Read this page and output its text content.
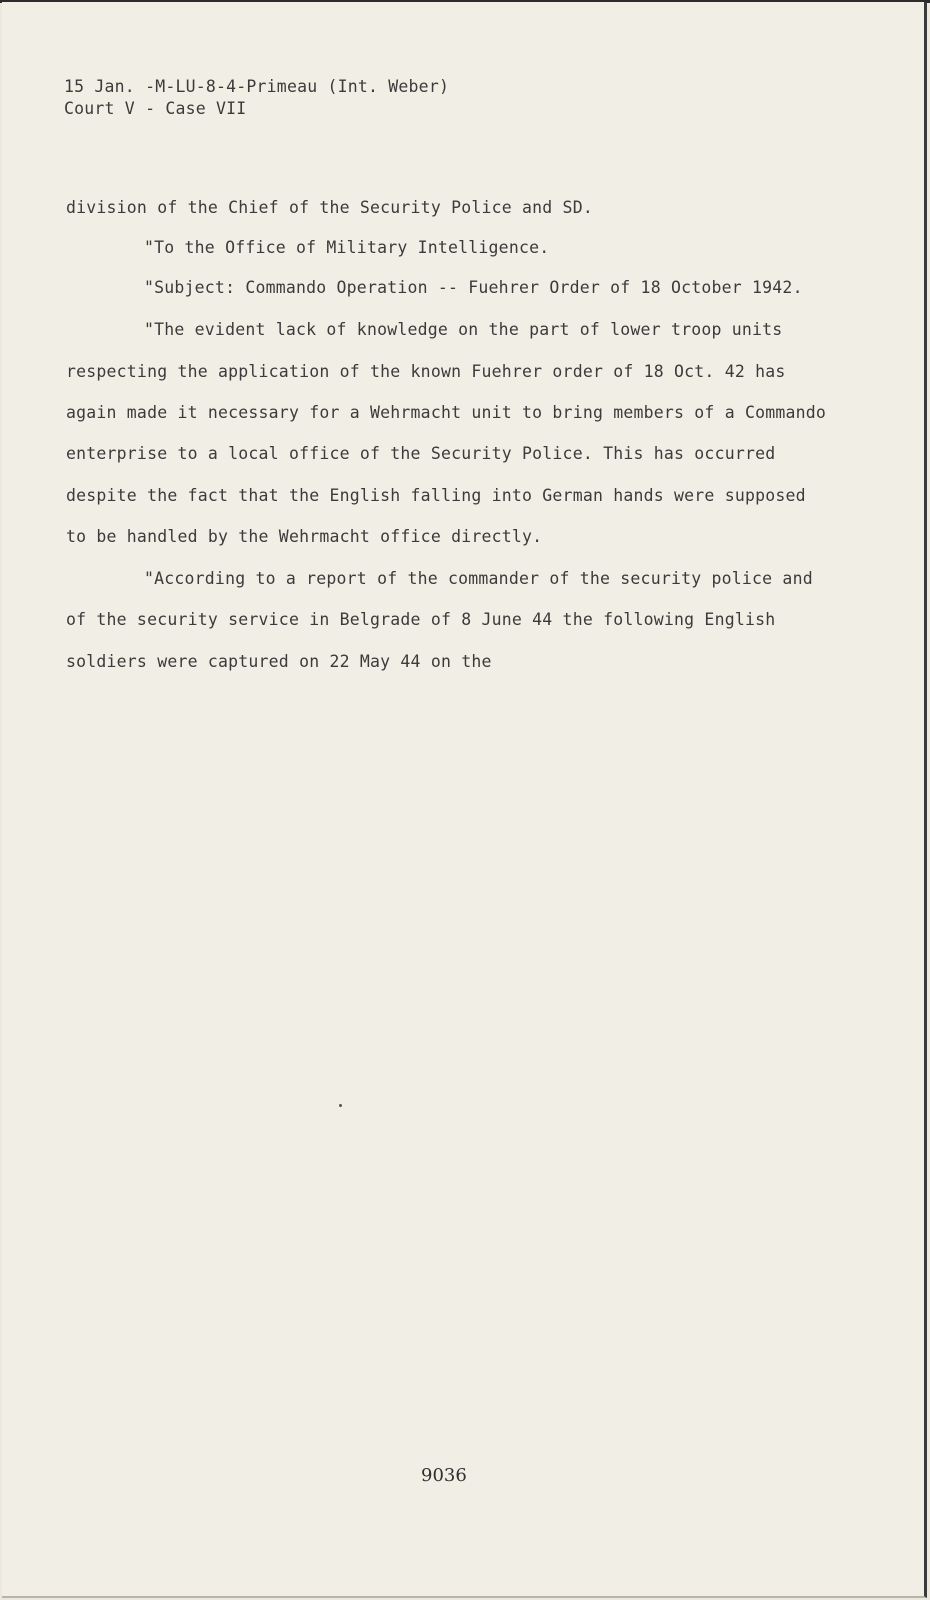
15 Jan. -M-LU-8-4-Primeau (Int. Weber)
Court V - Case VII
division of the Chief of the Security Police and SD.
"To the Office of Military Intelligence.
"Subject: Commando Operation -- Fuehrer Order of 18 October 1942.
"The evident lack of knowledge on the part of lower troop units
respecting the application of the known Fuehrer order of 18 Oct. 42 has
again made it necessary for a Wehrmacht unit to bring members of a Commando
enterprise to a local office of the Security Police. This has occurred
despite the fact that the English falling into German hands were supposed
to be handled by the Wehrmacht office directly.
"According to a report of the commander of the security police and
of the security service in Belgrade of 8 June 44 the following English
soldiers were captured on 22 May 44 on the
9036
